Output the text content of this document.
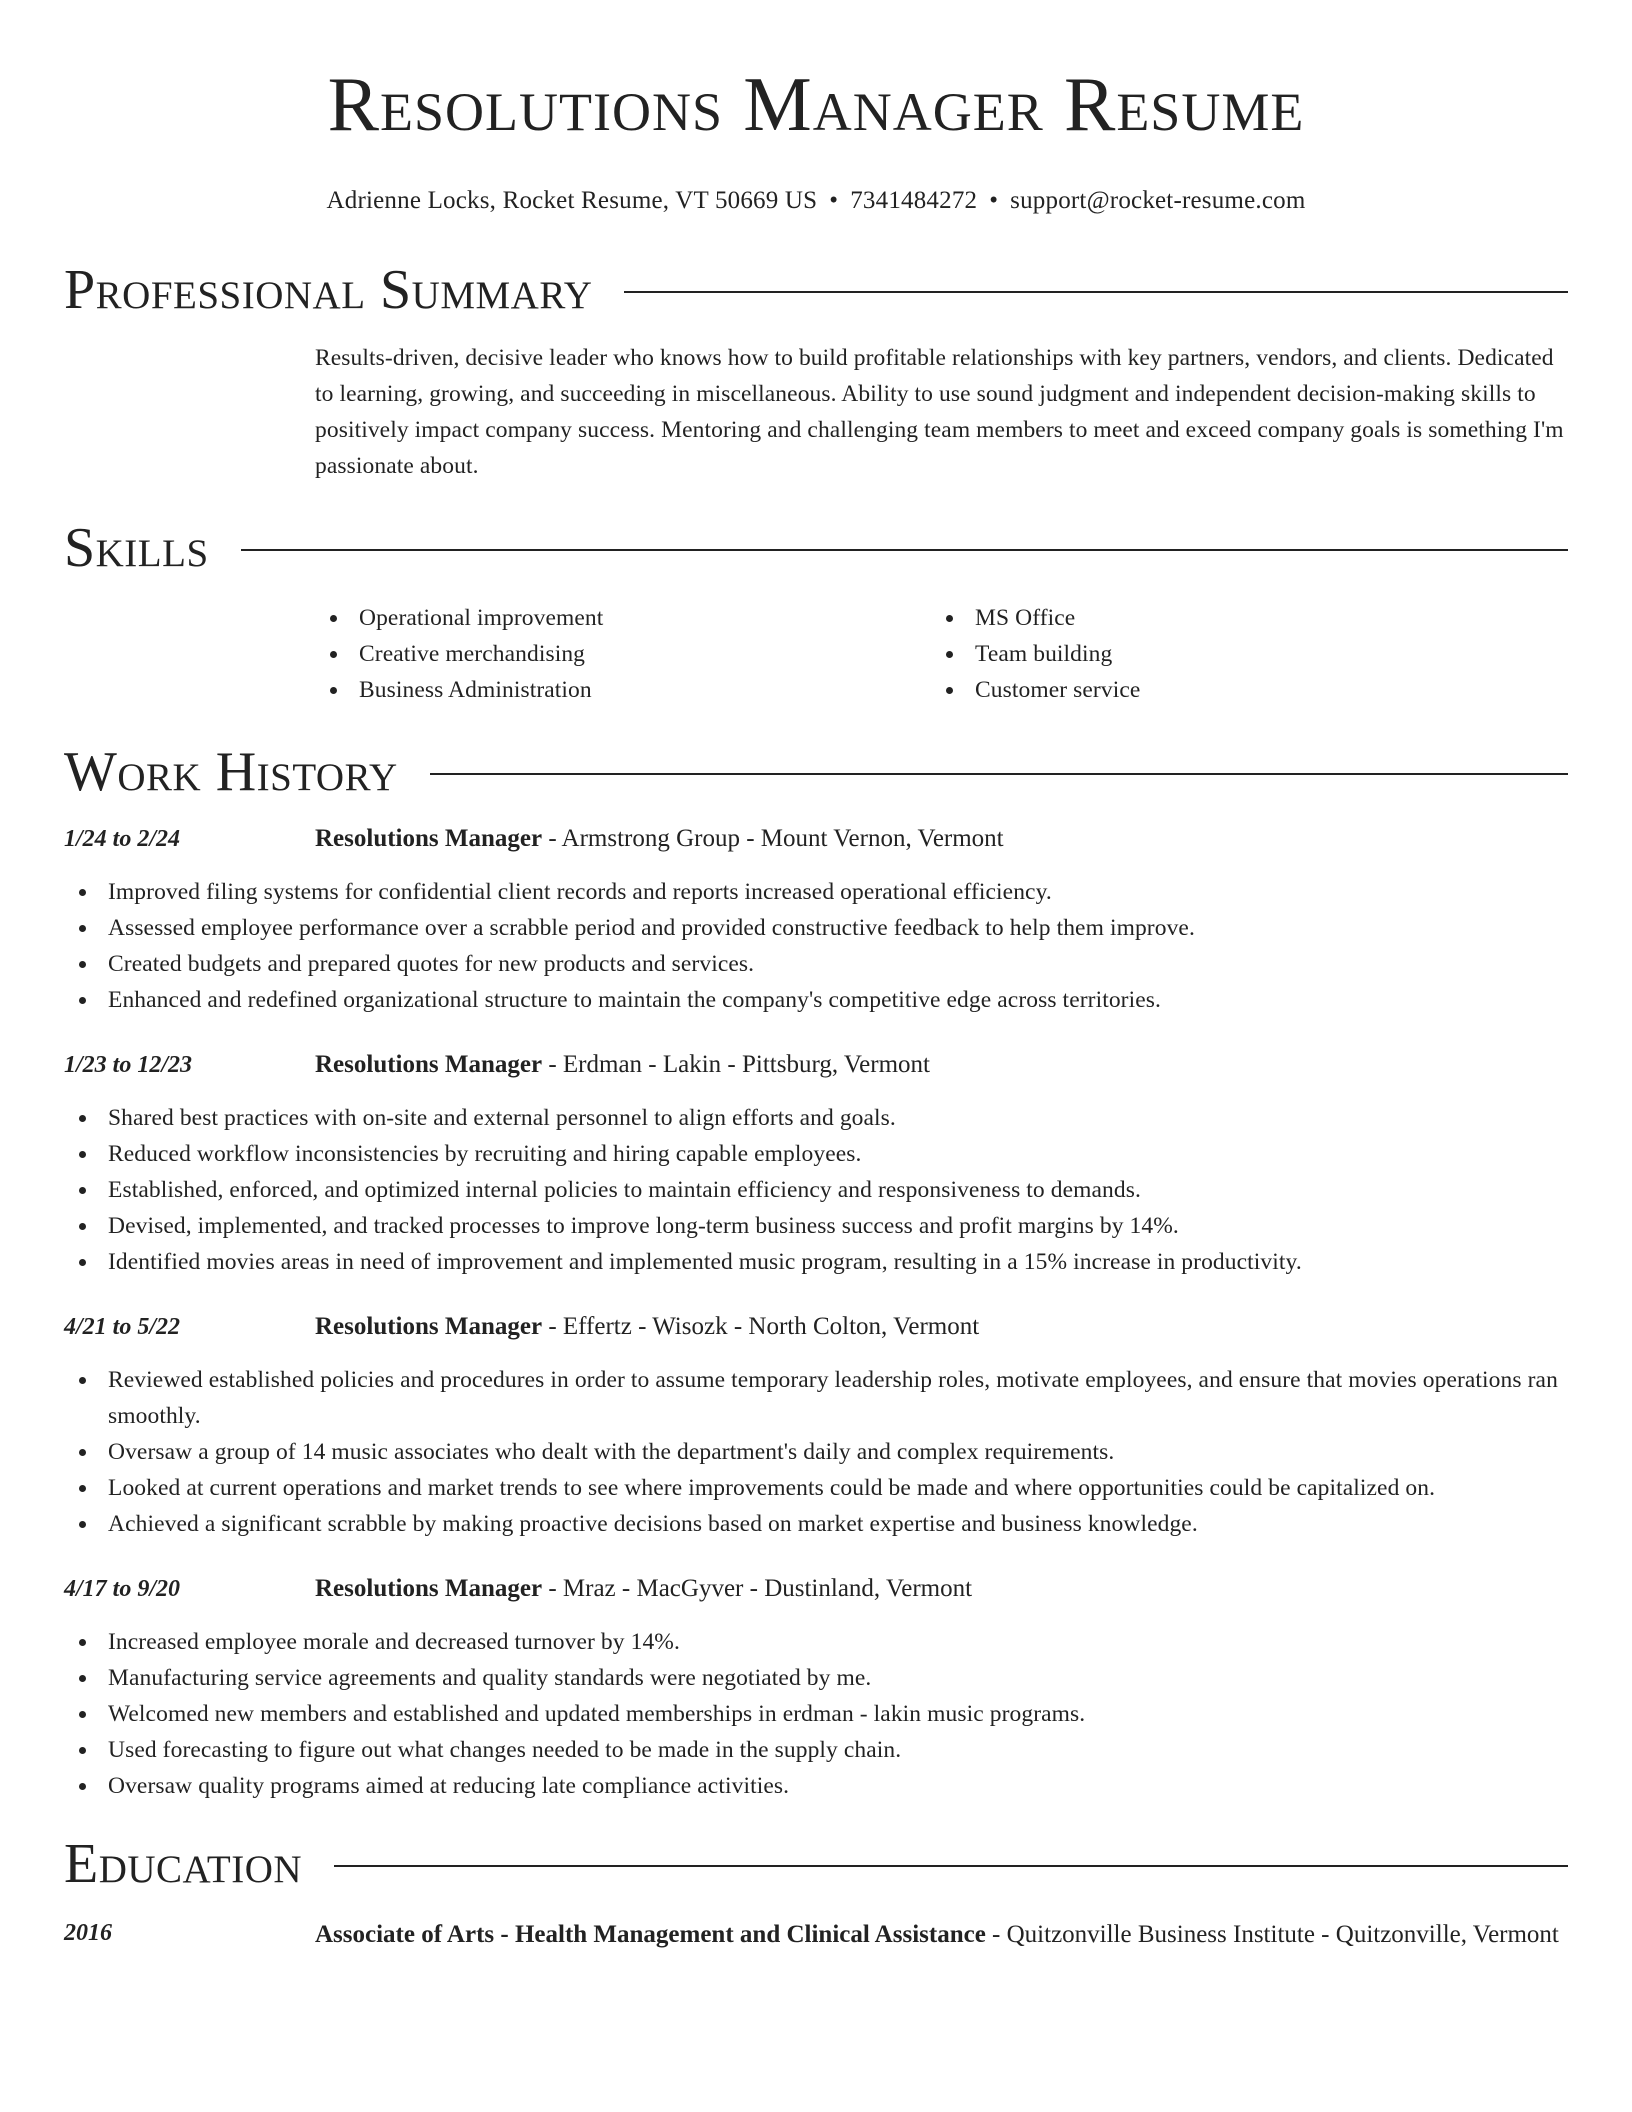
Resolutions Manager Resume
Adrienne Locks, Rocket Resume, VT 50669 US • 7341484272 • support@rocket-resume.com
Professional Summary

Results-driven, decisive leader who knows how to build profitable relationships with key partners, vendors, and clients. Dedicated to learning, growing, and succeeding in miscellaneous. Ability to use sound judgment and independent decision-making skills to positively impact company success. Mentoring and challenging team members to meet and exceed company goals is something I'm passionate about.

Skills
Operational improvement
Creative merchandising
Business Administration
MS Office
Team building
Customer service
Work History
1/24 to 2/24	Resolutions Manager - Armstrong Group - Mount Vernon, Vermont
Improved filing systems for confidential client records and reports increased operational efficiency.
Assessed employee performance over a scrabble period and provided constructive feedback to help them improve.
Created budgets and prepared quotes for new products and services.
Enhanced and redefined organizational structure to maintain the company's competitive edge across territories.
1/23 to 12/23	Resolutions Manager - Erdman - Lakin - Pittsburg, Vermont
Shared best practices with on-site and external personnel to align efforts and goals.
Reduced workflow inconsistencies by recruiting and hiring capable employees.
Established, enforced, and optimized internal policies to maintain efficiency and responsiveness to demands.
Devised, implemented, and tracked processes to improve long-term business success and profit margins by 14%.
Identified movies areas in need of improvement and implemented music program, resulting in a 15% increase in productivity.
4/21 to 5/22	Resolutions Manager - Effertz - Wisozk - North Colton, Vermont
Reviewed established policies and procedures in order to assume temporary leadership roles, motivate employees, and ensure that movies operations ran smoothly.
Oversaw a group of 14 music associates who dealt with the department's daily and complex requirements.
Looked at current operations and market trends to see where improvements could be made and where opportunities could be capitalized on.
Achieved a significant scrabble by making proactive decisions based on market expertise and business knowledge.
4/17 to 9/20	Resolutions Manager - Mraz - MacGyver - Dustinland, Vermont
Increased employee morale and decreased turnover by 14%.
Manufacturing service agreements and quality standards were negotiated by me.
Welcomed new members and established and updated memberships in erdman - lakin music programs.
Used forecasting to figure out what changes needed to be made in the supply chain.
Oversaw quality programs aimed at reducing late compliance activities.
Education
2016	Associate of Arts - Health Management and Clinical Assistance - Quitzonville Business Institute - Quitzonville, Vermont
